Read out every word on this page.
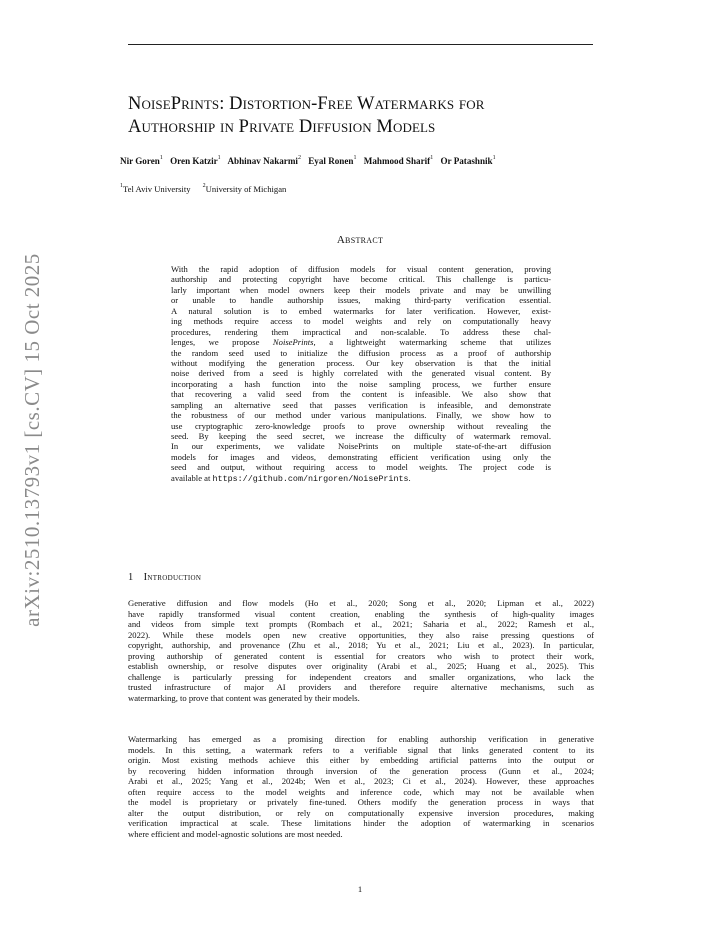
arXiv:2510.13793v1 [cs.CV] 15 Oct 2025
NoisePrints: Distortion-Free Watermarks for
Authorship in Private Diffusion Models
Nir Goren$^1$ Oren Katzir$^1$ Abhinav Nakarmi$^2$ Eyal Ronen$^1$ Mahmood Sharif$^1$ Or Patashnik$^1$
$^1$Tel Aviv University $^2$University of Michigan
Abstract
With the rapid adoption of diffusion models for visual content generation, proving
authorship and protecting copyright have become critical. This challenge is particu-
larly important when model owners keep their models private and may be unwilling
or unable to handle authorship issues, making third-party verification essential.
A natural solution is to embed watermarks for later verification. However, exist-
ing methods require access to model weights and rely on computationally heavy
procedures, rendering them impractical and non-scalable. To address these chal-
lenges, we propose NoisePrints, a lightweight watermarking scheme that utilizes
the random seed used to initialize the diffusion process as a proof of authorship
without modifying the generation process. Our key observation is that the initial
noise derived from a seed is highly correlated with the generated visual content. By
incorporating a hash function into the noise sampling process, we further ensure
that recovering a valid seed from the content is infeasible. We also show that
sampling an alternative seed that passes verification is infeasible, and demonstrate
the robustness of our method under various manipulations. Finally, we show how to
use cryptographic zero-knowledge proofs to prove ownership without revealing the
seed. By keeping the seed secret, we increase the difficulty of watermark removal.
In our experiments, we validate NoisePrints on multiple state-of-the-art diffusion
models for images and videos, demonstrating efficient verification using only the
seed and output, without requiring access to model weights. The project code is
available at https://github.com/nirgoren/NoisePrints.
1 Introduction
Generative diffusion and flow models (Ho et al., 2020; Song et al., 2020; Lipman et al., 2022)
have rapidly transformed visual content creation, enabling the synthesis of high-quality images
and videos from simple text prompts (Rombach et al., 2021; Saharia et al., 2022; Ramesh et al.,
2022). While these models open new creative opportunities, they also raise pressing questions of
copyright, authorship, and provenance (Zhu et al., 2018; Yu et al., 2021; Liu et al., 2023). In particular,
proving authorship of generated content is essential for creators who wish to protect their work,
establish ownership, or resolve disputes over originality (Arabi et al., 2025; Huang et al., 2025). This
challenge is particularly pressing for independent creators and smaller organizations, who lack the
trusted infrastructure of major AI providers and therefore require alternative mechanisms, such as
watermarking, to prove that content was generated by their models.
Watermarking has emerged as a promising direction for enabling authorship verification in generative
models. In this setting, a watermark refers to a verifiable signal that links generated content to its
origin. Most existing methods achieve this either by embedding artificial patterns into the output or
by recovering hidden information through inversion of the generation process (Gunn et al., 2024;
Arabi et al., 2025; Yang et al., 2024b; Wen et al., 2023; Ci et al., 2024). However, these approaches
often require access to the model weights and inference code, which may not be available when
the model is proprietary or privately fine-tuned. Others modify the generation process in ways that
alter the output distribution, or rely on computationally expensive inversion procedures, making
verification impractical at scale. These limitations hinder the adoption of watermarking in scenarios
where efficient and model-agnostic solutions are most needed.
1
